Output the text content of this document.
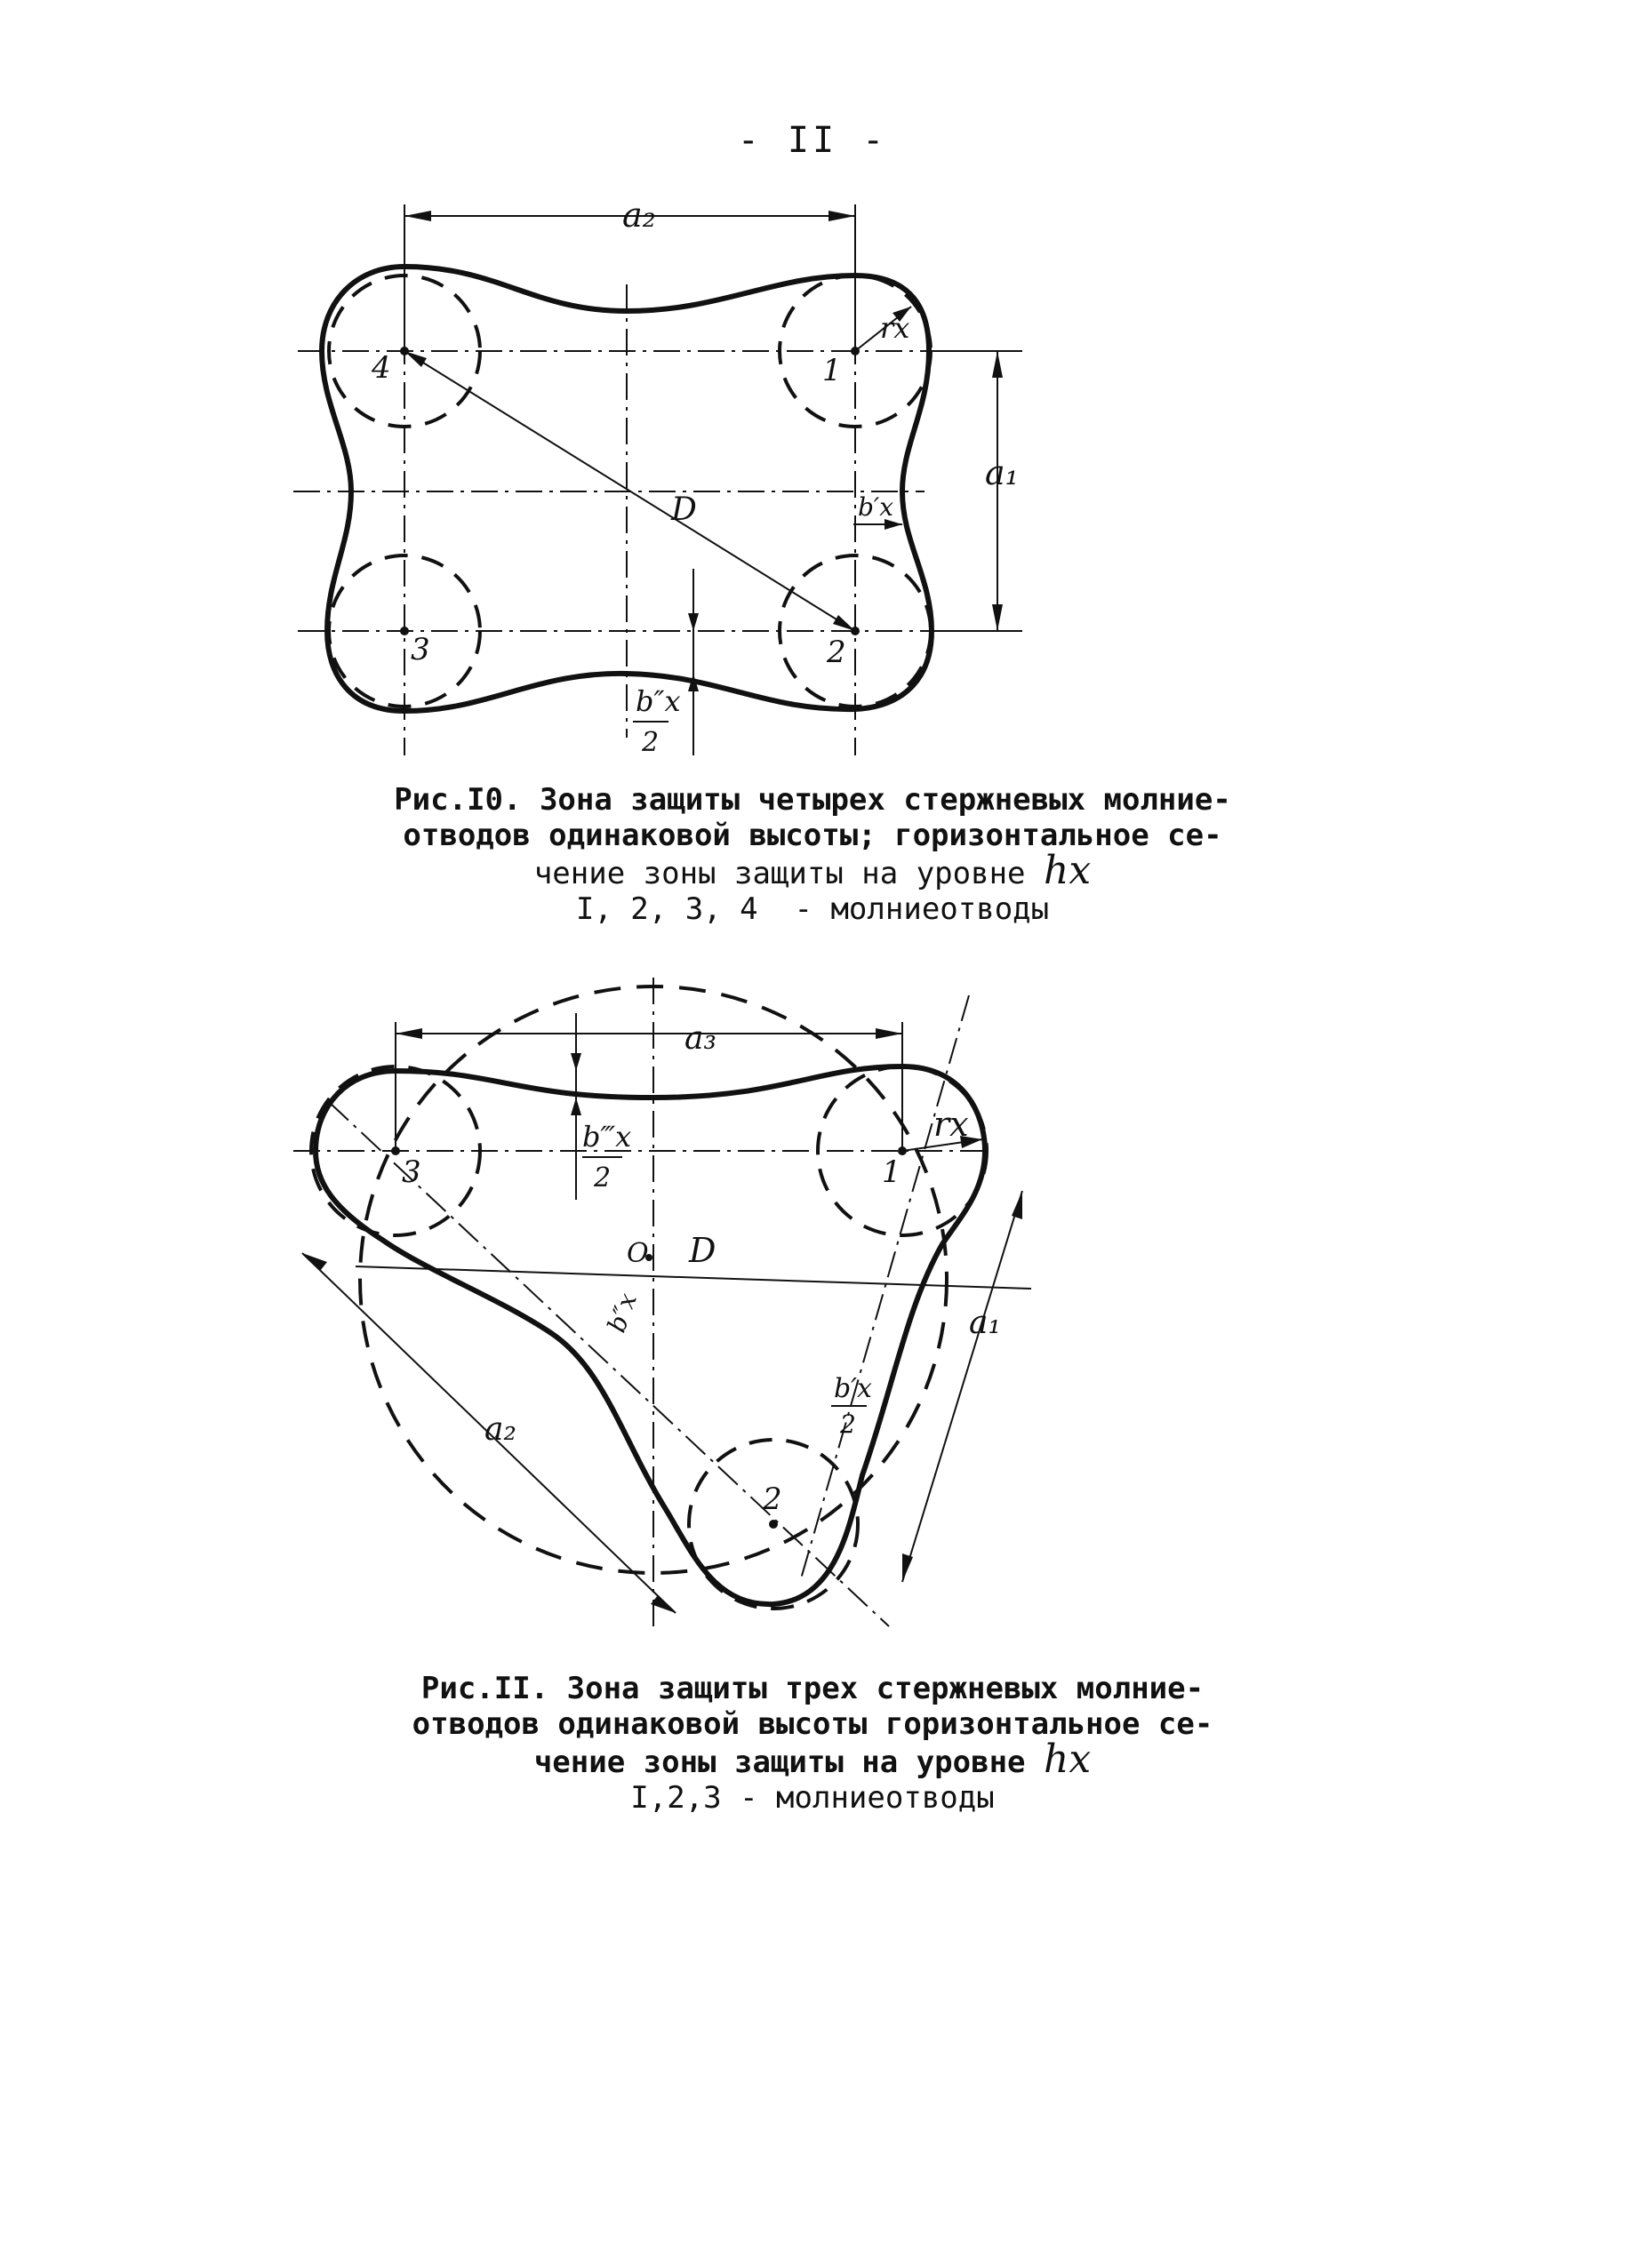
- II -
a₂
a₁
D
rx
b′x
b″x
2
1
2
3
4
Рис.I0. Зона защиты четырех стержневых молние-
отводов одинаковой высоты; горизонтальное се-
чение зоны защиты на уровне hx
I, 2, 3, 4  - молниеотводы
a₃
a₁
a₂
D
O
rx
b‴x
2
b′x
2
b″x
1
2
3
Рис.II. Зона защиты трех стержневых молние-
отводов одинаковой высоты горизонтальное се-
чение зоны защиты на уровне hx
I,2,3 - молниеотводы
